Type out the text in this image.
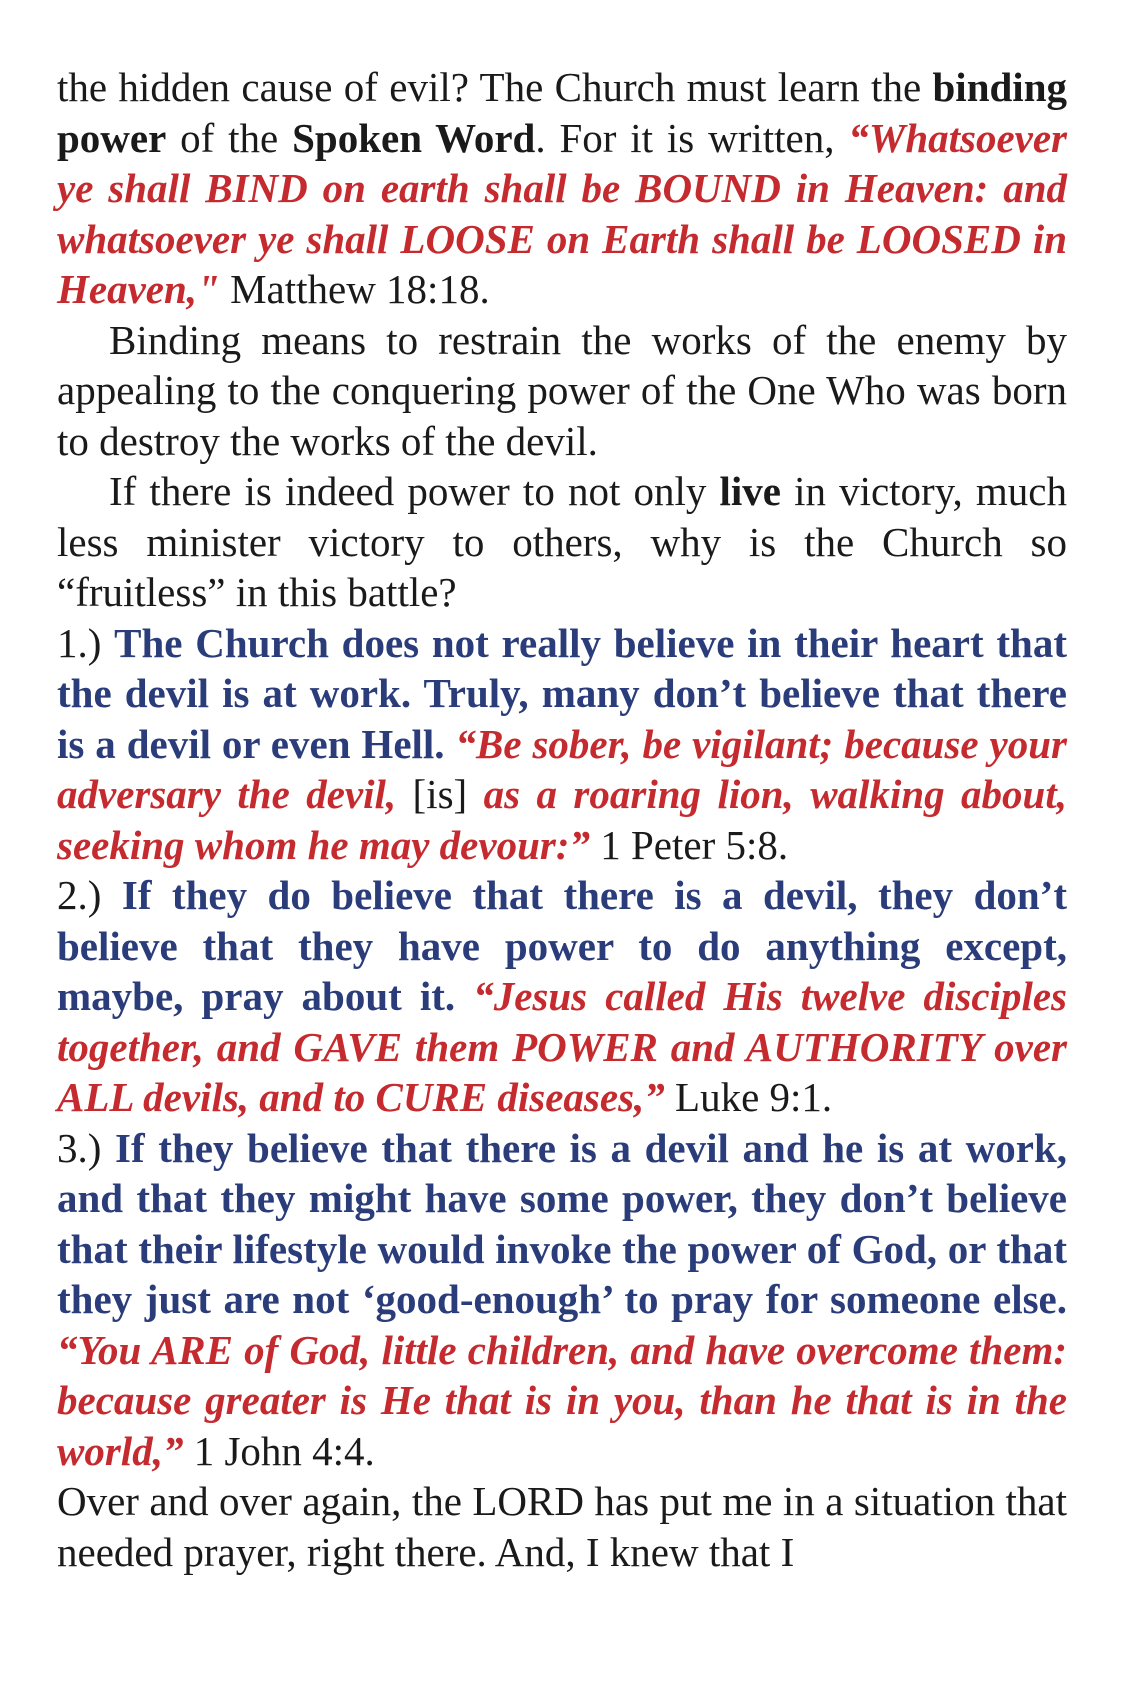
the hidden cause of evil? The Church must learn the binding power of the Spoken Word. For it is written, “Whatsoever ye shall BIND on earth shall be BOUND in Heaven: and whatsoever ye shall LOOSE on Earth shall be LOOSED in Heaven," Matthew 18:18.

Binding means to restrain the works of the enemy by appealing to the conquering power of the One Who was born to destroy the works of the devil.

If there is indeed power to not only live in victory, much less minister victory to others, why is the Church so “fruitless” in this battle?

1.) The Church does not really believe in their heart that the devil is at work. Truly, many don’t believe that there is a devil or even Hell. “Be sober, be vigilant; because your adversary the devil, [is] as a roaring lion, walking about, seeking whom he may devour:” 1 Peter 5:8.

2.) If they do believe that there is a devil, they don’t believe that they have power to do anything except, maybe, pray about it. “Jesus called His twelve disciples together, and GAVE them POWER and AUTHORITY over ALL devils, and to CURE diseases,” Luke 9:1.

3.) If they believe that there is a devil and he is at work, and that they might have some power, they don’t believe that their lifestyle would invoke the power of God, or that they just are not ‘good-enough’ to pray for someone else. “You ARE of God, little children, and have overcome them: because greater is He that is in you, than he that is in the world,” 1 John 4:4.

Over and over again, the LORD has put me in a situation that needed prayer, right there. And, I knew that I
